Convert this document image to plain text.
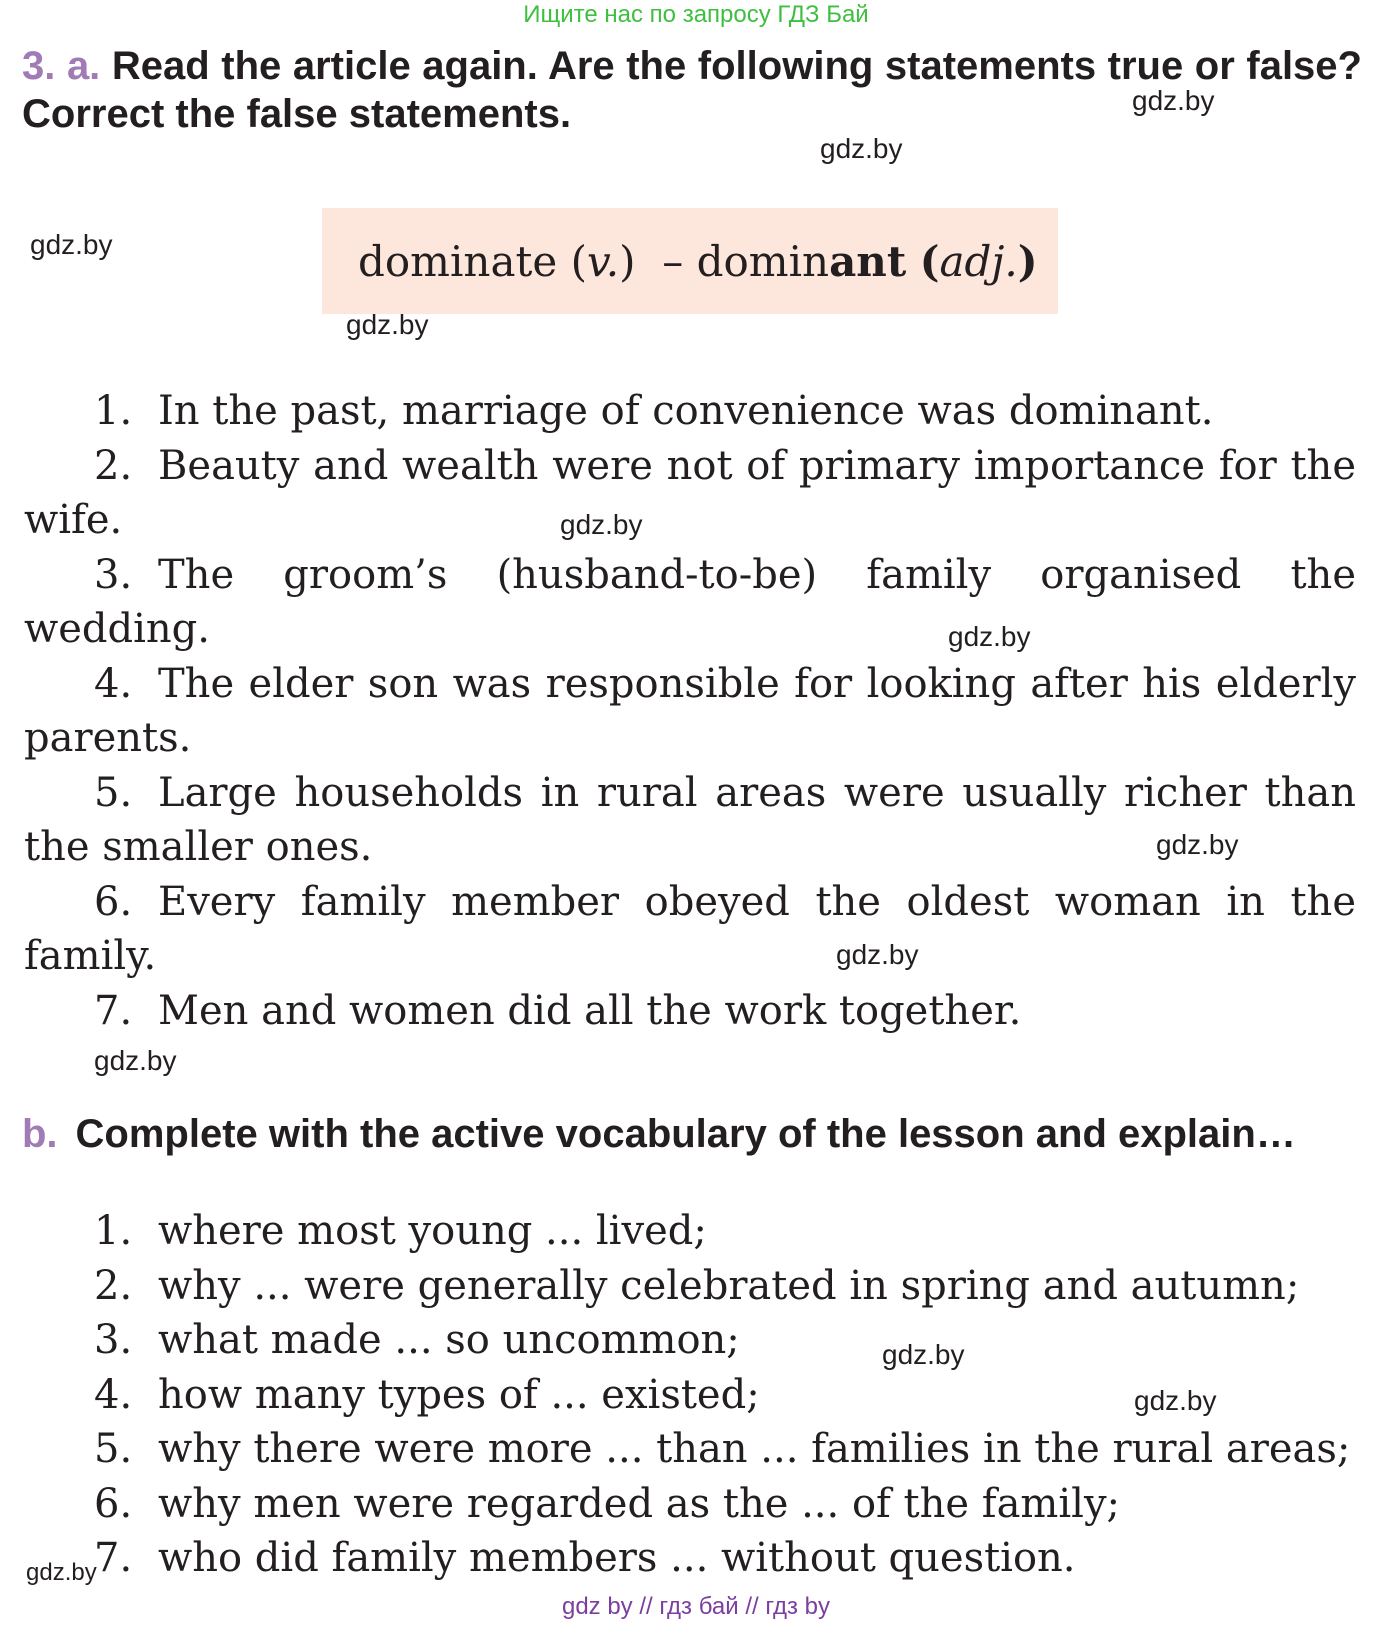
Ищите нас по запросу ГДЗ Бай
3. a. Read the article again. Are the following statements true or false? Correct the false statements.
dominate
( v. )
–
domin ant
( adj. )
1. In the past, marriage of convenience was dominant.
2. Beauty and wealth were not of primary importance for the wife.
3. The groom’s (husband-to-be) family organised the wedding.
4. The elder son was responsible for looking after his elderly parents.
5. Large households in rural areas were usually richer than the smaller ones.
6. Every family member obeyed the oldest woman in the family.
7. Men and women did all the work together.
b. Complete with the active vocabulary of the lesson and explain…
1. where most young ... lived;
2. why ... were generally celebrated in spring and autumn;
3. what made ... so uncommon;
4. how many types of ... existed;
5. why there were more ... than ... families in the rural areas;
6. why men were regarded as the ... of the family;
7. who did family members ... without question.
gdz.by
gdz.by
gdz.by
gdz.by
gdz.by
gdz.by
gdz.by
gdz.by
gdz.by
gdz.by
gdz.by
gdz.by
gdz by // гдз бай // гдз by
